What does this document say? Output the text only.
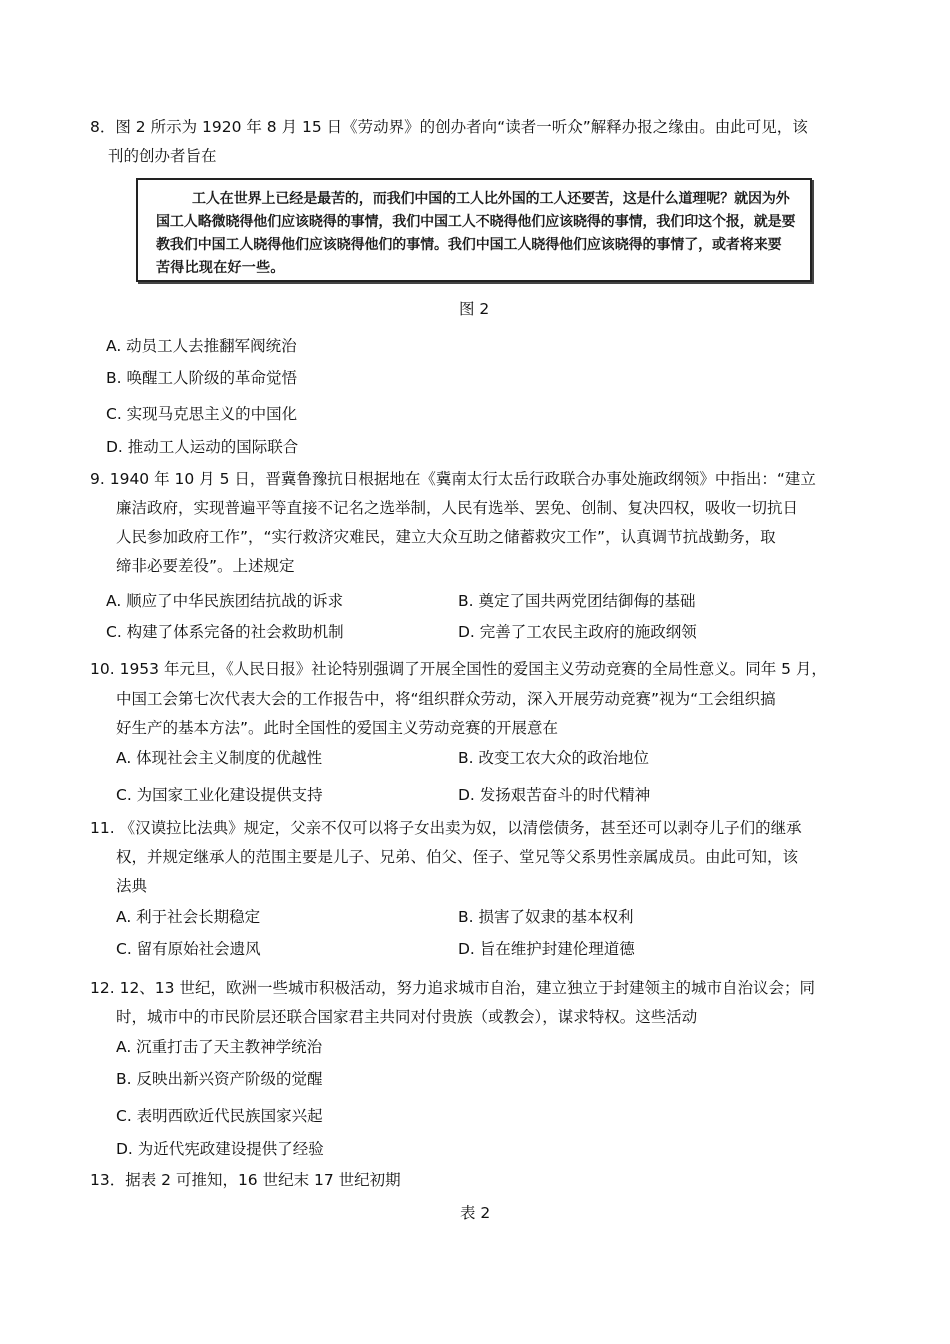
8．图 2 所示为 1920 年 8 月 15 日《劳动界》的创办者向“读者一听众”解释办报之缘由。由此可见，该
刊的创办者旨在
工人在世界上已经是最苦的，而我们中国的工人比外国的工人还要苦，这是什么道理呢？就因为外
国工人略微晓得他们应该晓得的事情，我们中国工人不晓得他们应该晓得的事情，我们印这个报，就是要
教我们中国工人晓得他们应该晓得他们的事情。我们中国工人晓得他们应该晓得的事情了，或者将来要
苦得比现在好一些。
图 2
A. 动员工人去推翻军阀统治
B. 唤醒工人阶级的革命觉悟
C. 实现马克思主义的中国化
D. 推动工人运动的国际联合
9. 1940 年 10 月 5 日，晋冀鲁豫抗日根据地在《冀南太行太岳行政联合办事处施政纲领》中指出：“建立
廉洁政府，实现普遍平等直接不记名之选举制，人民有选举、罢免、创制、复决四权，吸收一切抗日
人民参加政府工作”，“实行救济灾难民，建立大众互助之储蓄救灾工作”，认真调节抗战勤务，取
缔非必要差役”。上述规定
A. 顺应了中华民族团结抗战的诉求	B. 奠定了国共两党团结御侮的基础
C. 构建了体系完备的社会救助机制	D. 完善了工农民主政府的施政纲领
10. 1953 年元旦，《人民日报》社论特别强调了开展全国性的爱国主义劳动竞赛的全局性意义。同年 5 月，
中国工会第七次代表大会的工作报告中，将“组织群众劳动，深入开展劳动竞赛”视为“工会组织搞
好生产的基本方法”。此时全国性的爱国主义劳动竞赛的开展意在
A. 体现社会主义制度的优越性	B. 改变工农大众的政治地位
C. 为国家工业化建设提供支持	D. 发扬艰苦奋斗的时代精神
11. 《汉谟拉比法典》规定，父亲不仅可以将子女出卖为奴，以清偿债务，甚至还可以剥夺儿子们的继承
权，并规定继承人的范围主要是儿子、兄弟、伯父、侄子、堂兄等父系男性亲属成员。由此可知，该
法典
A. 利于社会长期稳定	B. 损害了奴隶的基本权利
C. 留有原始社会遗风	D. 旨在维护封建伦理道德
12. 12、13 世纪，欧洲一些城市积极活动，努力追求城市自治，建立独立于封建领主的城市自治议会；同
时，城市中的市民阶层还联合国家君主共同对付贵族（或教会），谋求特权。这些活动
A. 沉重打击了天主教神学统治
B. 反映出新兴资产阶级的觉醒
C. 表明西欧近代民族国家兴起
D. 为近代宪政建设提供了经验
13．据表 2 可推知，16 世纪末 17 世纪初期
表 2
